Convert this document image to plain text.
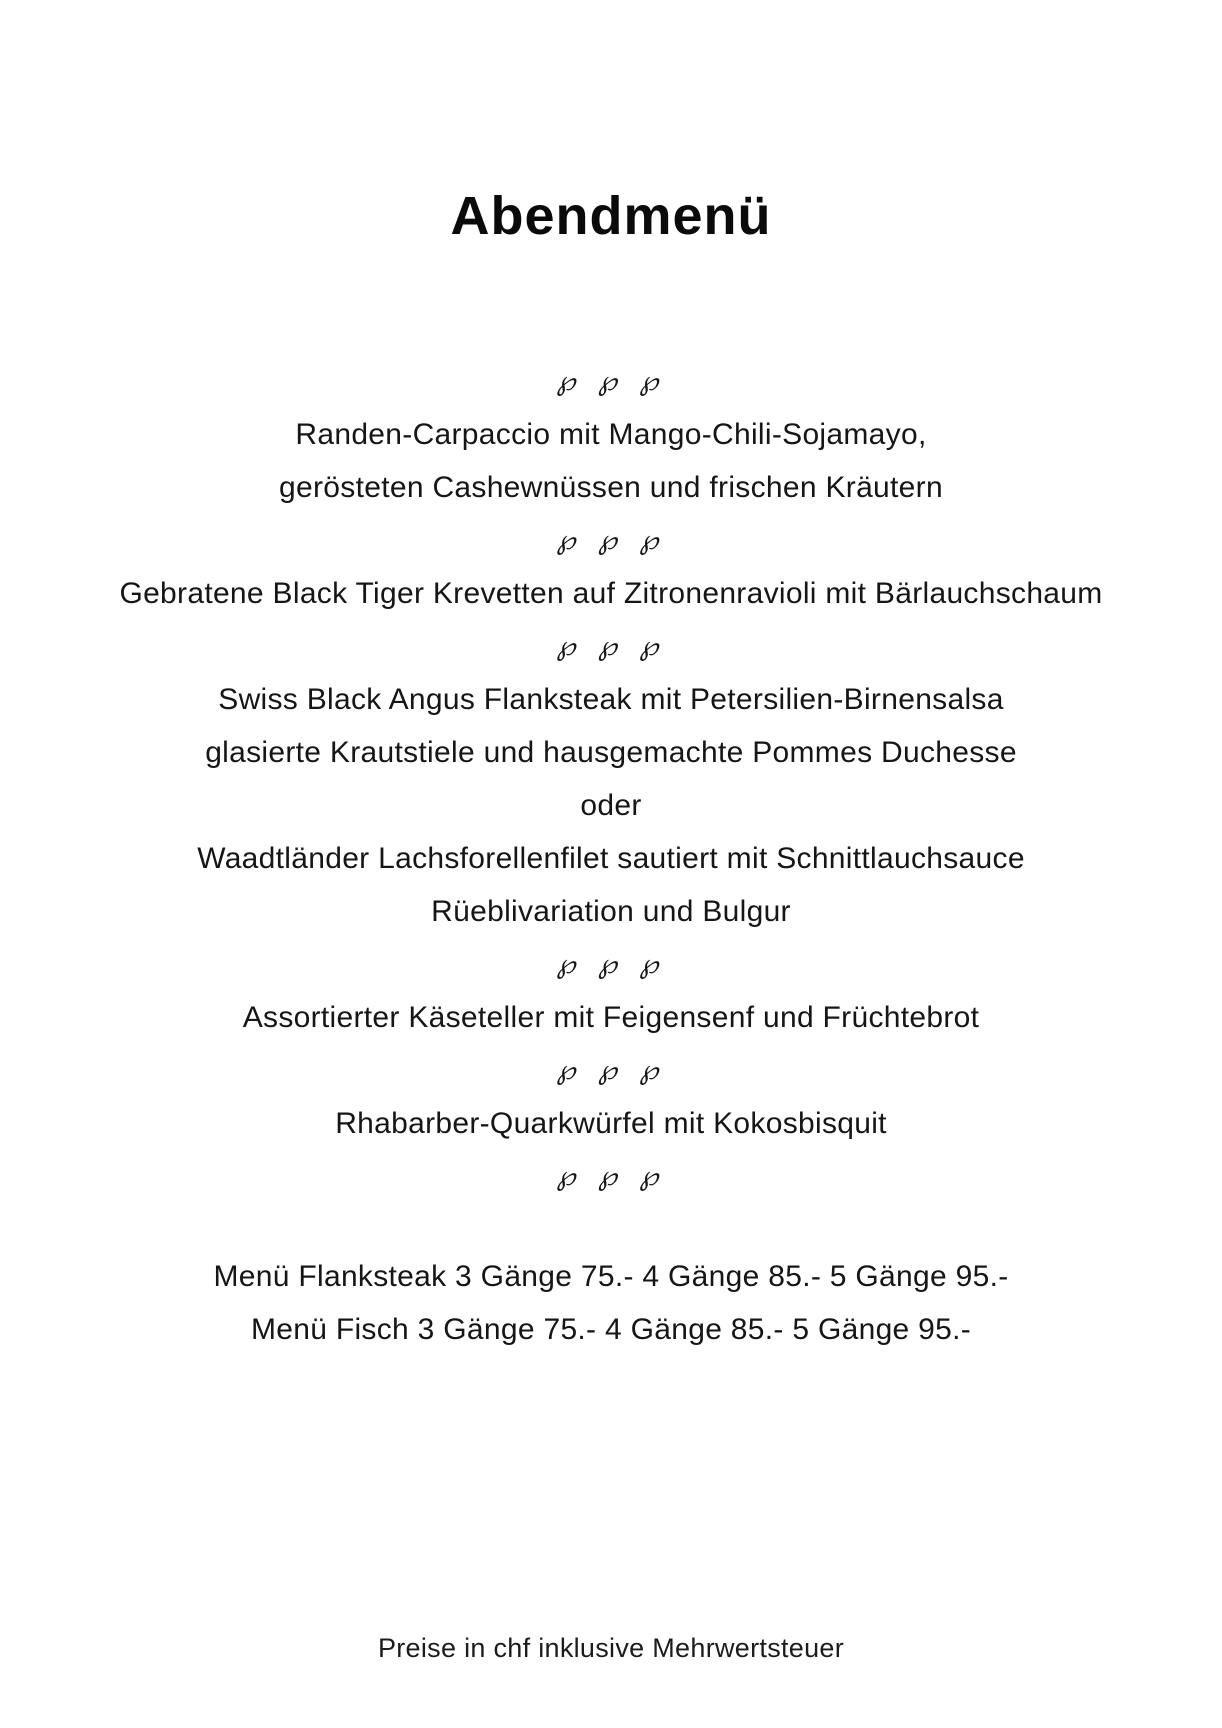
Abendmenü

℘ ℘ ℘

Randen-Carpaccio mit Mango-Chili-Sojamayo,

gerösteten Cashewnüssen und frischen Kräutern

℘ ℘ ℘

Gebratene Black Tiger Krevetten auf Zitronenravioli mit Bärlauchschaum

℘ ℘ ℘

Swiss Black Angus Flanksteak mit Petersilien-Birnensalsa

glasierte Krautstiele und hausgemachte Pommes Duchesse

oder

Waadtländer Lachsforellenfilet sautiert mit Schnittlauchsauce

Rüeblivariation und Bulgur

℘ ℘ ℘

Assortierter Käseteller mit Feigensenf und Früchtebrot

℘ ℘ ℘

Rhabarber-Quarkwürfel mit Kokosbisquit

℘ ℘ ℘

Menü Flanksteak 3 Gänge 75.- 4 Gänge 85.- 5 Gänge 95.-

Menü Fisch 3 Gänge 75.- 4 Gänge 85.- 5 Gänge 95.-

Preise in chf inklusive Mehrwertsteuer
